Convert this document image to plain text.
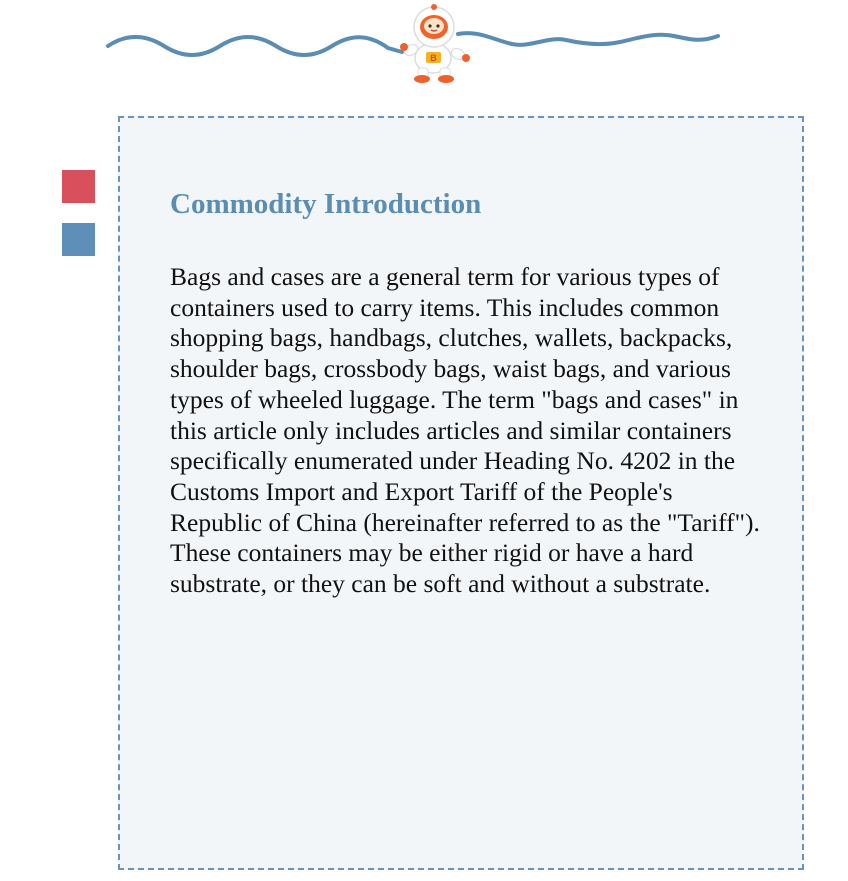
B
Commodity Introduction

Bags and cases are a general term for various types of containers used to carry items. This includes common shopping bags, handbags, clutches, wallets, backpacks, shoulder bags, crossbody bags, waist bags, and various types of wheeled luggage. The term "bags and cases" in this article only includes articles and similar containers specifically enumerated under Heading No. 4202 in the Customs Import and Export Tariff of the People's Republic of China (hereinafter referred to as the "Tariff"). These containers may be either rigid or have a hard substrate, or they can be soft and without a substrate.
